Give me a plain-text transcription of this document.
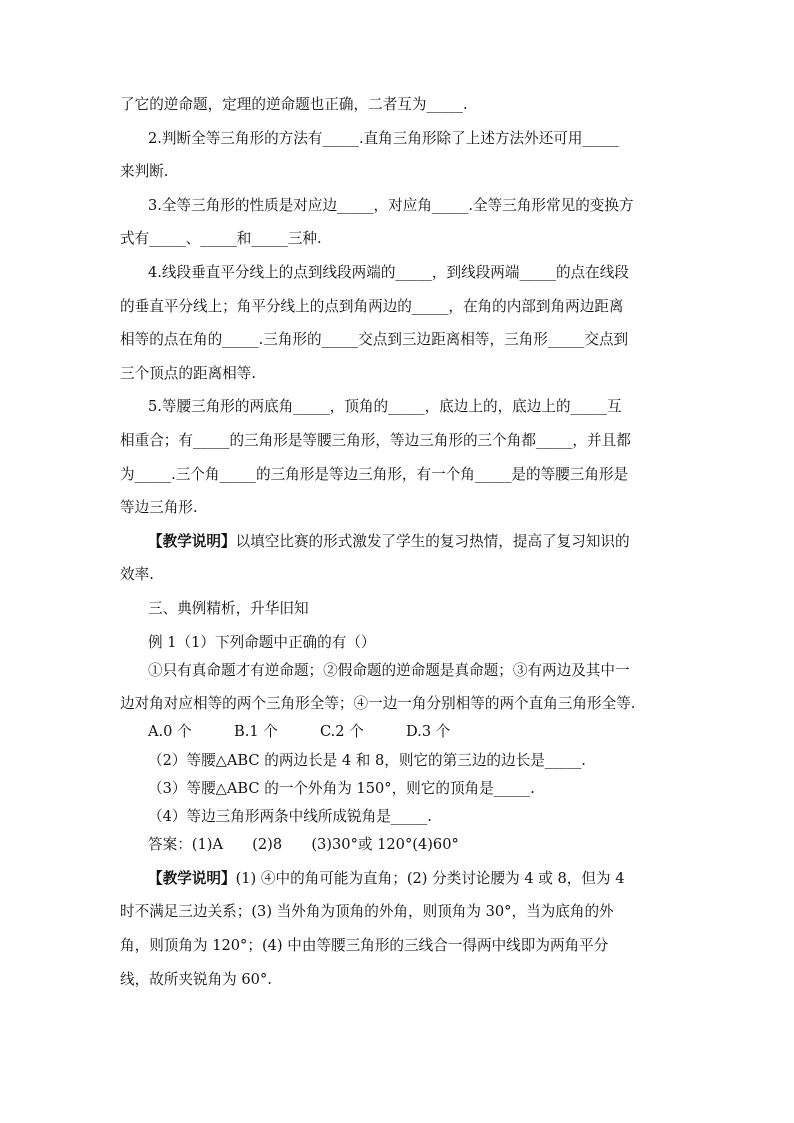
了它的逆命题，定理的逆命题也正确，二者互为_____.
2.判断全等三角形的方法有_____.直角三角形除了上述方法外还可用_____
来判断.
3.全等三角形的性质是对应边_____，对应角_____.全等三角形常见的变换方
式有_____、_____和_____三种.
4.线段垂直平分线上的点到线段两端的_____，到线段两端_____的点在线段
的垂直平分线上；角平分线上的点到角两边的_____，在角的内部到角两边距离
相等的点在角的_____.三角形的_____交点到三边距离相等，三角形_____交点到
三个顶点的距离相等.
5.等腰三角形的两底角_____，顶角的_____，底边上的，底边上的_____互
相重合；有_____的三角形是等腰三角形，等边三角形的三个角都_____，并且都
为_____.三个角_____的三角形是等边三角形，有一个角_____是的等腰三角形是
等边三角形.
【教学说明】以填空比赛的形式激发了学生的复习热情，提高了复习知识的
效率.
三、典例精析，升华旧知
例 1（1）下列命题中正确的有（）
①只有真命题才有逆命题；②假命题的逆命题是真命题；③有两边及其中一
边对角对应相等的两个三角形全等；④一边一角分别相等的两个直角三角形全等.
A.0 个	B.1 个	C.2 个	D.3 个
（2）等腰△ABC 的两边长是 4 和 8，则它的第三边的边长是_____.
（3）等腰△ABC 的一个外角为 150°，则它的顶角是_____.
（4）等边三角形两条中线所成锐角是_____.
答案：(1)A　　(2)8　　(3)30°或 120°(4)60°
【教学说明】(1) ④中的角可能为直角；(2) 分类讨论腰为 4 或 8，但为 4
时不满足三边关系；(3) 当外角为顶角的外角，则顶角为 30°，当为底角的外
角，则顶角为 120°；(4) 中由等腰三角形的三线合一得两中线即为两角平分
线，故所夹锐角为 60°.
